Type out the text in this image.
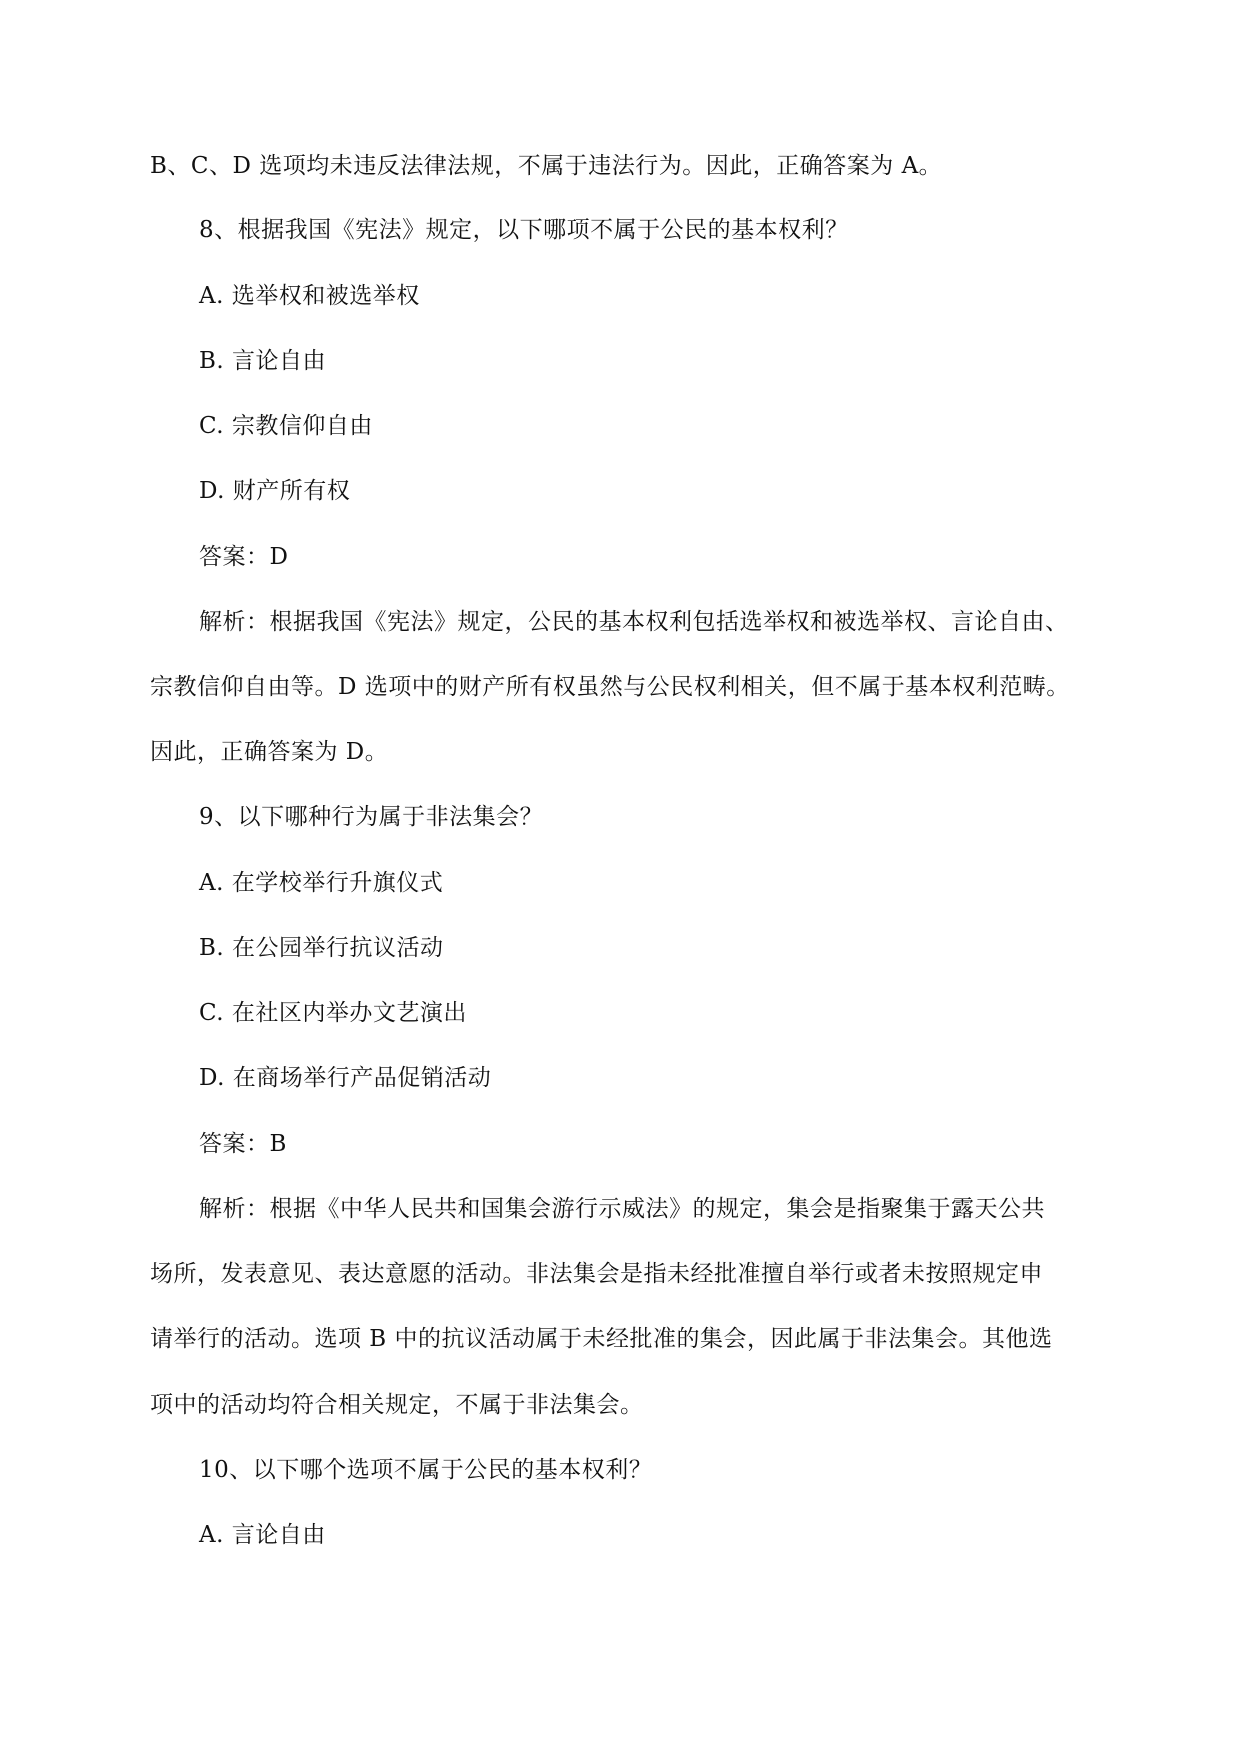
B、C、D 选项均未违反法律法规，不属于违法行为。因此，正确答案为 A。
8、根据我国《宪法》规定，以下哪项不属于公民的基本权利？
A. 选举权和被选举权
B. 言论自由
C. 宗教信仰自由
D. 财产所有权
答案：D
解析：根据我国《宪法》规定，公民的基本权利包括选举权和被选举权、言论自由、
宗教信仰自由等。D 选项中的财产所有权虽然与公民权利相关，但不属于基本权利范畴。
因此，正确答案为 D。
9、以下哪种行为属于非法集会？
A. 在学校举行升旗仪式
B. 在公园举行抗议活动
C. 在社区内举办文艺演出
D. 在商场举行产品促销活动
答案：B
解析：根据《中华人民共和国集会游行示威法》的规定，集会是指聚集于露天公共
场所，发表意见、表达意愿的活动。非法集会是指未经批准擅自举行或者未按照规定申
请举行的活动。选项 B 中的抗议活动属于未经批准的集会，因此属于非法集会。其他选
项中的活动均符合相关规定，不属于非法集会。
10、以下哪个选项不属于公民的基本权利？
A. 言论自由
